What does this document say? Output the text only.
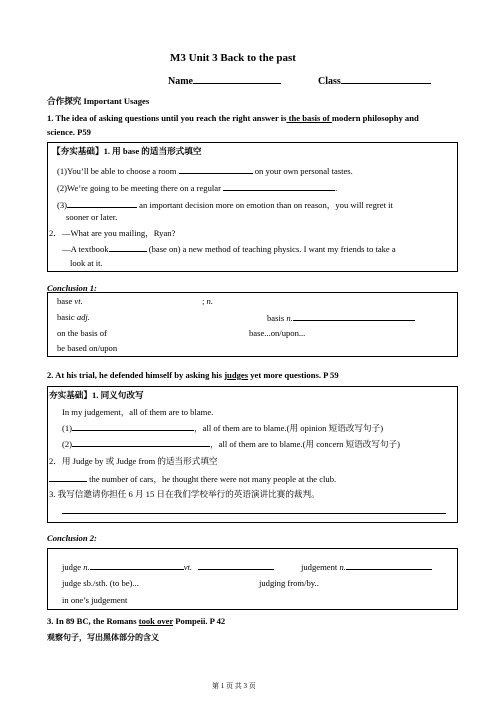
M3 Unit 3 Back to the past
Name	Class
合作探究 Important Usages
1. The idea of asking questions until you reach the right answer is the basis of modern philosophy and
science. P59
【夯实基础】1. 用 base 的适当形式填空
(1)You’ll be able to choose a room	on your own personal tastes.
(2)We’re going to be meeting there on a regular	.
(3)	an important decision more on emotion than on reason，you will regret it
sooner or later.
2．—What are you mailing，Ryan?
—A textbook	(base on) a new method of teaching physics. I want my friends to take a
look at it.
Conclusion 1:
base vt.	; n.
basic adj.	basis n.
on the basis of	base...on/upon...
be based on/upon
2. At his trial, he defended himself by asking his judges yet more questions. P 59
夯实基础】1. 同义句改写
In my judgement，all of them are to blame.
(1)	，all of them are to blame.(用 opinion 短语改写句子)
(2)	，all of them are to blame.(用 concern 短语改写句子)
2．用 Judge by 或 Judge from 的适当形式填空
the number of cars，he thought there were not many people at the club.
3. 我写信邀请你担任 6 月 15 日在我们学校举行的英语演讲比赛的裁判。
Conclusion 2:
judge n.	vt.	judgement n.
judge sb./sth. (to be)...	judging from/by..
in one’s judgement
3. In 89 BC, the Romans took over Pompeii. P 42
观察句子，写出黑体部分的含义
第 1 页 共 3 页
